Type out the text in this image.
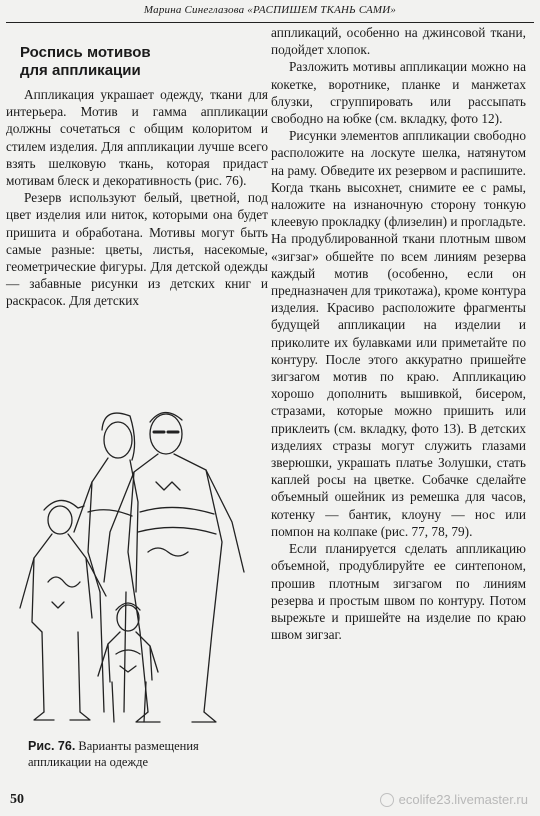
Марина Синеглазова «РАСПИШЕМ ТКАНЬ САМИ»
Роспись мотивов
для аппликации

Аппликация украшает одежду, ткани для интерьера. Мотив и гамма аппликации должны сочетаться с общим колоритом и стилем изделия. Для аппликации лучше всего взять шелковую ткань, которая придаст мотивам блеск и декоративность (рис. 76).

Резерв используют белый, цветной, под цвет изделия или ниток, которыми она будет пришита и обработана. Мотивы могут быть самые разные: цветы, листья, насекомые, геометрические фигуры. Для детской одежды — забавные рисунки из детских книг и раскрасок. Для детских

Рис. 76. Варианты размещения аппликации на одежде

аппликаций, особенно на джинсовой ткани, подойдет хлопок.

Разложить мотивы аппликации можно на кокетке, воротнике, планке и манжетах блузки, сгруппировать или рассыпать свободно на юбке (см. вкладку, фото 12).

Рисунки элементов аппликации свободно расположите на лоскуте шелка, натянутом на раму. Обведите их резервом и распишите. Когда ткань высохнет, снимите ее с рамы, наложите на изнаночную сторону тонкую клеевую прокладку (флизелин) и прогладьте. На продублированной ткани плотным швом «зигзаг» обшейте по всем линиям резерва каждый мотив (особенно, если он предназначен для трикотажа), кроме контура изделия. Красиво расположите фрагменты будущей аппликации на изделии и приколите их булавками или приметайте по контуру. После этого аккуратно пришейте зигзагом мотив по краю. Аппликацию хорошо дополнить вышивкой, бисером, стразами, которые можно пришить или приклеить (см. вкладку, фото 13). В детских изделиях стразы могут служить глазами зверюшки, украшать платье Золушки, стать каплей росы на цветке. Собачке сделайте объемный ошейник из ремешка для часов, котенку — бантик, клоуну — нос или помпон на колпаке (рис. 77, 78, 79).

Если планируется сделать аппликацию объемной, продублируйте ее синтепоном, прошив плотным зигзагом по линиям резерва и простым швом по контуру. Потом вырежьте и пришейте на изделие по краю швом зигзаг.

50	ecolife23.livemaster.ru
